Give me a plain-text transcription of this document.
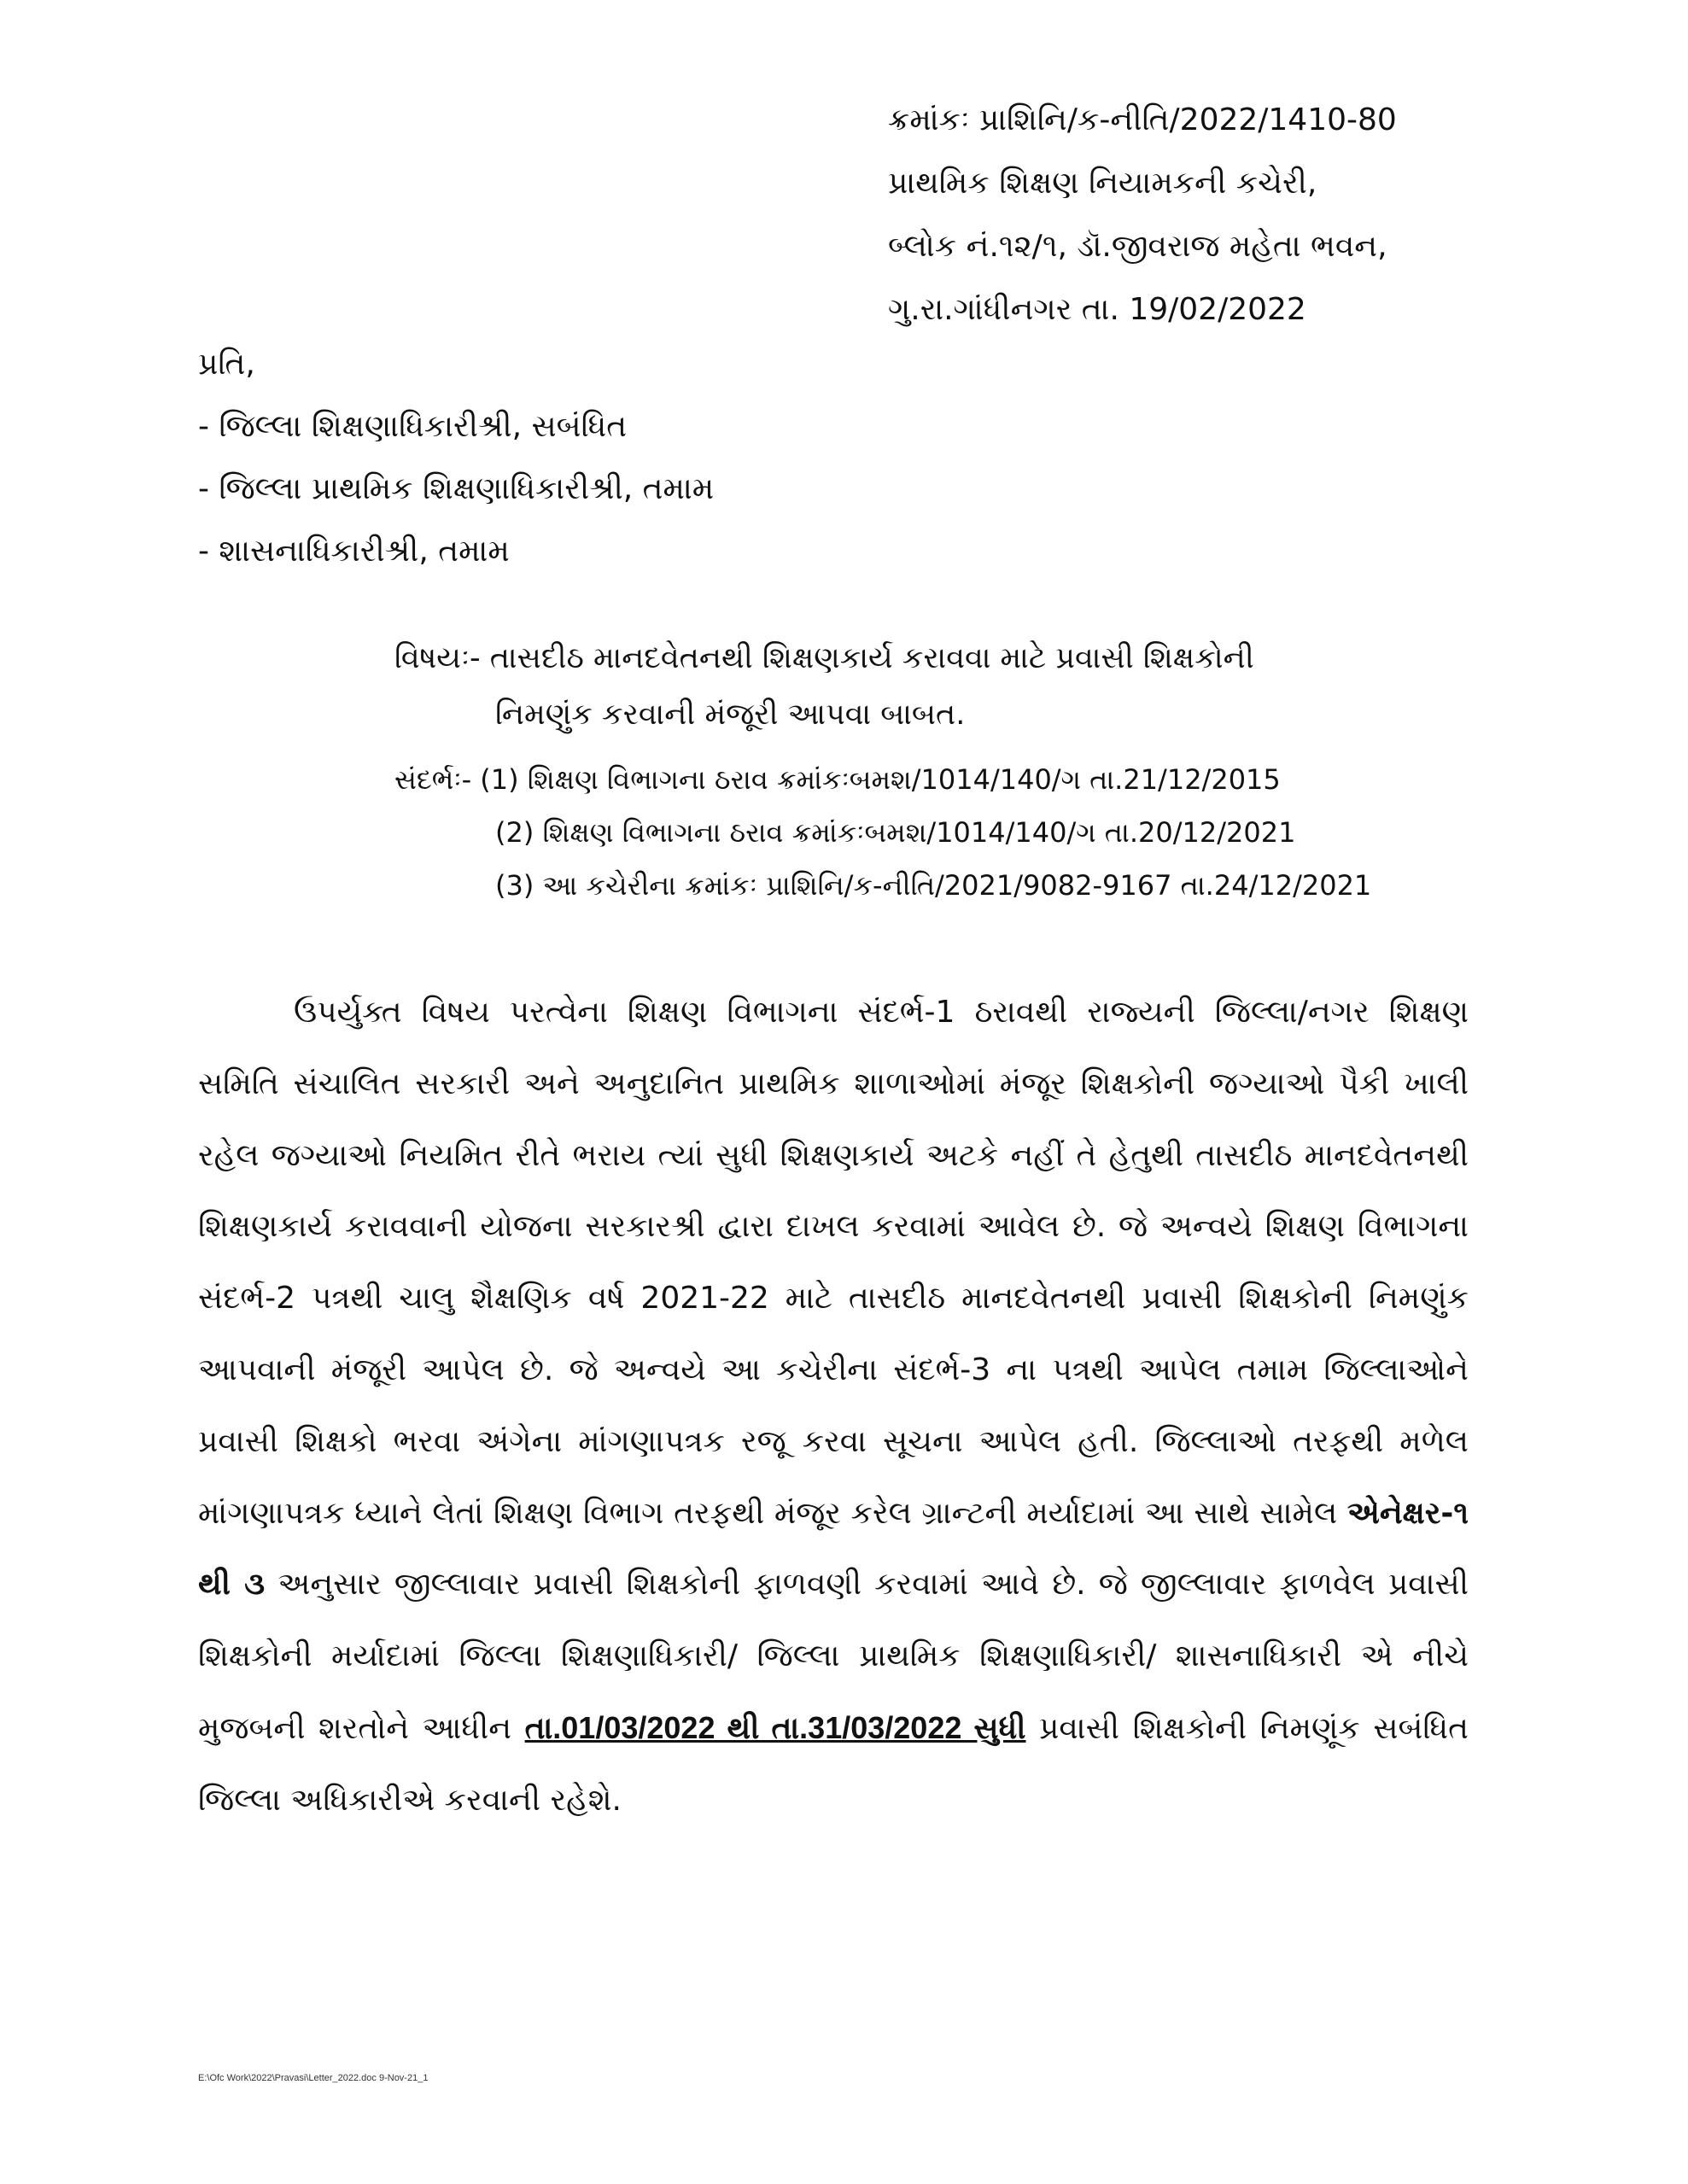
ક્રમાંકઃ પ્રાશિનિ/ક-નીતિ/2022/1410-80
પ્રાથમિક શિક્ષણ નિયામકની કચેરી,
બ્લોક નં.૧૨/૧, ડૉ.જીવરાજ મહેતા ભવન,
ગુ.રા.ગાંધીનગર તા. 19/02/2022
પ્રતિ,
- જિલ્લા શિક્ષણાધિકારીશ્રી, સબંધિત
- જિલ્લા પ્રાથમિક શિક્ષણાધિકારીશ્રી, તમામ
- શાસનાધિકારીશ્રી, તમામ
વિષયઃ- તાસદીઠ માનદવેતનથી શિક્ષણકાર્ય કરાવવા માટે પ્રવાસી શિક્ષકોની
નિમણુંક કરવાની મંજૂરી આપવા બાબત.
સંદર્ભઃ- (1) શિક્ષણ વિભાગના ઠરાવ ક્રમાંકઃબમશ/1014/140/ગ તા.21/12/2015
(2) શિક્ષણ વિભાગના ઠરાવ ક્રમાંકઃબમશ/1014/140/ગ તા.20/12/2021
(3) આ કચેરીના ક્રમાંકઃ પ્રાશિનિ/ક-નીતિ/2021/9082-9167 તા.24/12/2021
ઉપર્યુક્ત વિષય પરત્વેના શિક્ષણ વિભાગના સંદર્ભ-1 ઠરાવથી રાજ્યની જિલ્લા/નગર શિક્ષણ સમિતિ સંચાલિત સરકારી અને અનુદાનિત પ્રાથમિક શાળાઓમાં મંજૂર શિક્ષકોની જગ્યાઓ પૈકી ખાલી રહેલ જગ્યાઓ નિયમિત રીતે ભરાય ત્યાં સુધી શિક્ષણકાર્ય અટકે નહીં તે હેતુથી તાસદીઠ માનદવેતનથી શિક્ષણકાર્ય કરાવવાની યોજના સરકારશ્રી દ્વારા દાખલ કરવામાં આવેલ છે. જે અન્વયે શિક્ષણ વિભાગના સંદર્ભ-2 પત્રથી ચાલુ શૈક્ષણિક વર્ષ 2021-22 માટે તાસદીઠ માનદવેતનથી પ્રવાસી શિક્ષકોની નિમણુંક આપવાની મંજૂરી આપેલ છે. જે અન્વયે આ કચેરીના સંદર્ભ-3 ના પત્રથી આપેલ તમામ જિલ્લાઓને પ્રવાસી શિક્ષકો ભરવા અંગેના માંગણાપત્રક રજૂ કરવા સૂચના આપેલ હતી. જિલ્લાઓ તરફથી મળેલ માંગણાપત્રક ધ્યાને લેતાં શિક્ષણ વિભાગ તરફથી મંજૂર કરેલ ગ્રાન્ટની મર્યાદામાં આ સાથે સામેલ એનેક્ષર-૧ થી ૩ અનુસાર જીલ્લાવાર પ્રવાસી શિક્ષકોની ફાળવણી કરવામાં આવે છે. જે જીલ્લાવાર ફાળવેલ પ્રવાસી શિક્ષકોની મર્યાદામાં જિલ્લા શિક્ષણાધિકારી/ જિલ્લા પ્રાથમિક શિક્ષણાધિકારી/ શાસનાધિકારી એ નીચે મુજબની શરતોને આધીન તા.01/03/2022 થી તા.31/03/2022 સુધી પ્રવાસી શિક્ષકોની નિમણૂંક સબંધિત જિલ્લા અધિકારીએ કરવાની રહેશે.
E:\Ofc Work\2022\Pravasi\Letter_2022.doc 9-Nov-21_1
